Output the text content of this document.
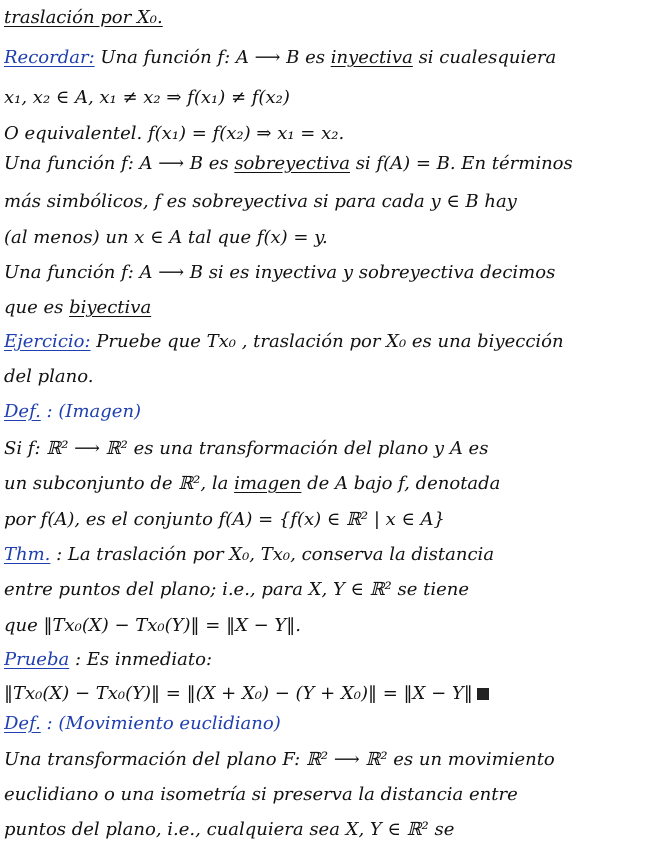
traslación por X₀.
Recordar: Una función f: A ⟶ B es inyectiva si cualesquiera
x₁, x₂ ∈ A, x₁ ≠ x₂ ⇒ f(x₁) ≠ f(x₂)
O equivalentel. f(x₁) = f(x₂) ⇒ x₁ = x₂.
Una función f: A ⟶ B es sobreyectiva si f(A) = B. En términos
más simbólicos, f es sobreyectiva si para cada y ∈ B hay
(al menos) un x ∈ A tal que f(x) = y.
Una función f: A ⟶ B si es inyectiva y sobreyectiva decimos
que es biyectiva
Ejercicio: Pruebe que Tx₀ , traslación por X₀ es una biyección
del plano.
Def. : (Imagen)
Si f: ℝ² ⟶ ℝ² es una transformación del plano y A es
un subconjunto de ℝ², la imagen de A bajo f, denotada
por f(A), es el conjunto f(A) = {f(x) ∈ ℝ² | x ∈ A}
Thm. : La traslación por X₀, Tx₀, conserva la distancia
entre puntos del plano; i.e., para X, Y ∈ ℝ² se tiene
que ‖Tx₀(X) − Tx₀(Y)‖ = ‖X − Y‖.
Prueba : Es inmediato:
‖Tx₀(X) − Tx₀(Y)‖ = ‖(X + X₀) − (Y + X₀)‖ = ‖X − Y‖
Def. : (Movimiento euclidiano)
Una transformación del plano F: ℝ² ⟶ ℝ² es un movimiento
euclidiano o una isometría si preserva la distancia entre
puntos del plano, i.e., cualquiera sea X, Y ∈ ℝ² se
